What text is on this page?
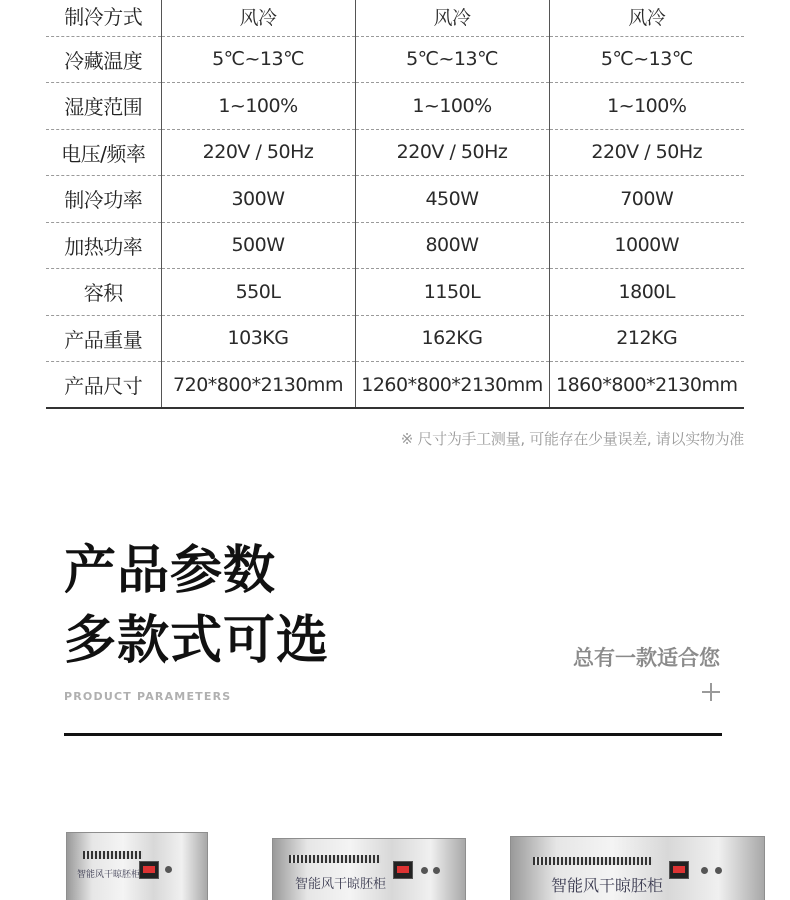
制冷方式	风冷	风冷	风冷
冷藏温度	5℃~13℃	5℃~13℃	5℃~13℃
湿度范围	1~100%	1~100%	1~100%
电压/频率	220V / 50Hz	220V / 50Hz	220V / 50Hz
制冷功率	300W	450W	700W
加热功率	500W	800W	1000W
容积	550L	1150L	1800L
产品重量	103KG	162KG	212KG
产品尺寸	720*800*2130mm	1260*800*2130mm	1860*800*2130mm
※ 尺寸为手工测量, 可能存在少量误差, 请以实物为准
产品参数
多款式可选	总有一款适合您
PRODUCT PARAMETERS
智能风干晾胚柜
智能风干晾胚柜	智能风干晾胚柜
